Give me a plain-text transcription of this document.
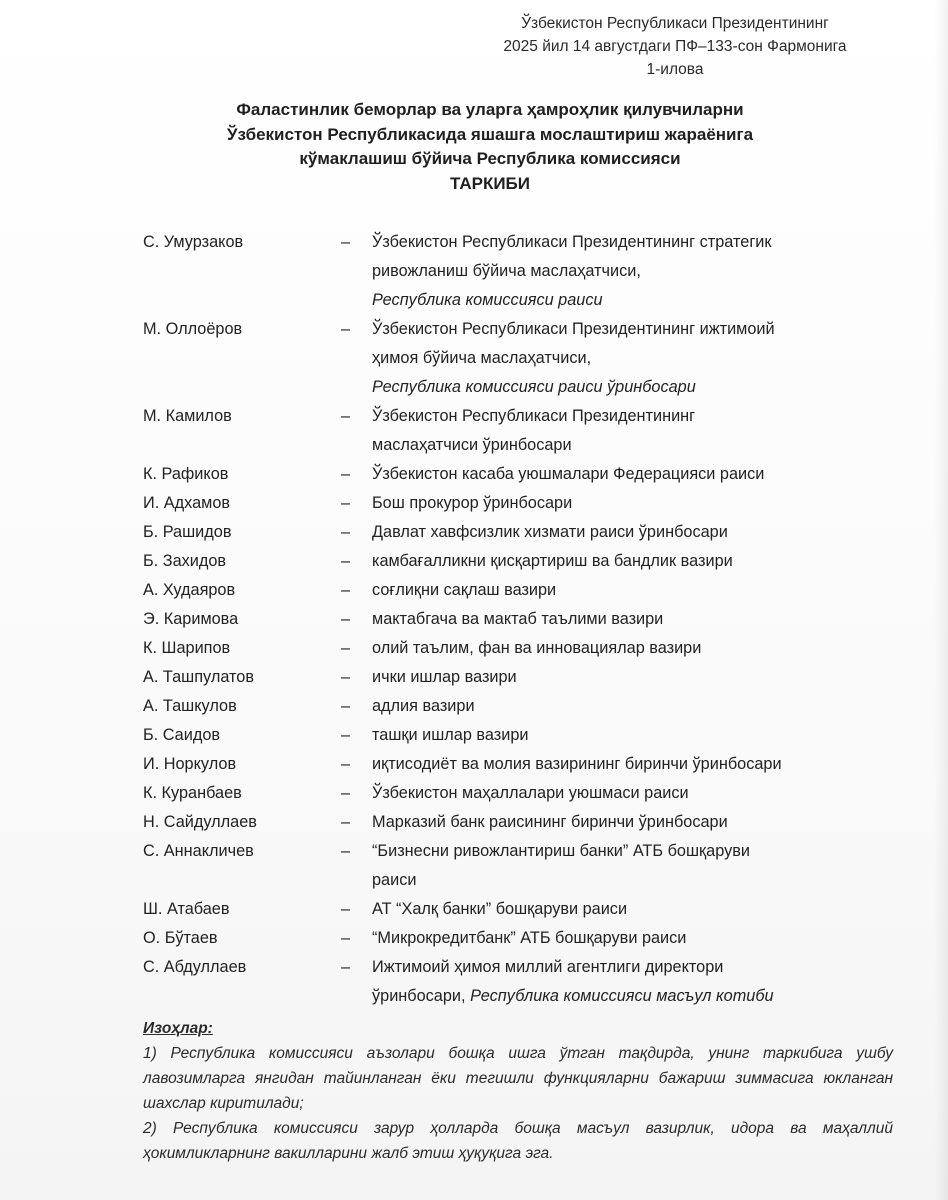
Ўзбекистон Республикаси Президентининг
2025 йил 14 августдаги ПФ–133-сон Фармонига
1-илова
Фаластинлик беморлар ва уларга ҳамроҳлик қилувчиларни
Ўзбекистон Республикасида яшашга мослаштириш жараёнига
кўмаклашиш бўйича Республика комиссияси
ТАРКИБИ
С. Умурзаков	– Ўзбекистон Республикаси Президентининг стратегик
ривожланиш бўйича маслаҳатчиси,
Республика комиссияси раиси
М. Оллоёров	– Ўзбекистон Республикаси Президентининг ижтимоий
ҳимоя бўйича маслаҳатчиси,
Республика комиссияси раиси ўринбосари
М. Камилов	– Ўзбекистон Республикаси Президентининг
маслаҳатчиси ўринбосари
К. Рафиков	– Ўзбекистон касаба уюшмалари Федерацияси раиси
И. Адхамов	– Бош прокурор ўринбосари
Б. Рашидов	– Давлат хавфсизлик хизмати раиси ўринбосари
Б. Захидов	– камбағалликни қисқартириш ва бандлик вазири
А. Худаяров	– соғлиқни сақлаш вазири
Э. Каримова	– мактабгача ва мактаб таълими вазири
К. Шарипов	– олий таълим, фан ва инновациялар вазири
А. Ташпулатов	– ички ишлар вазири
А. Ташкулов	– адлия вазири
Б. Саидов	– ташқи ишлар вазири
И. Норкулов	– иқтисодиёт ва молия вазирининг биринчи ўринбосари
К. Куранбаев	– Ўзбекистон маҳаллалари уюшмаси раиси
Н. Сайдуллаев	– Марказий банк раисининг биринчи ўринбосари
С. Аннакличев	– “Бизнесни ривожлантириш банки” АТБ бошқаруви
раиси
Ш. Атабаев	– АТ “Халқ банки” бошқаруви раиси
О. Бўтаев	– “Микрокредитбанк” АТБ бошқаруви раиси
С. Абдуллаев	– Ижтимоий ҳимоя миллий агентлиги директори
ўринбосари, Республика комиссияси масъул котиби
Изоҳлар:
1) Республика комиссияси аъзолари бошқа ишга ўтган тақдирда, унинг таркибига ушбу лавозимларга янгидан тайинланган ёки тегишли функцияларни бажариш зиммасига юкланган шахслар киритилади;
2) Республика комиссияси зарур ҳолларда бошқа масъул вазирлик, идора ва маҳаллий ҳокимликларнинг вакилларини жалб этиш ҳуқуқига эга.
